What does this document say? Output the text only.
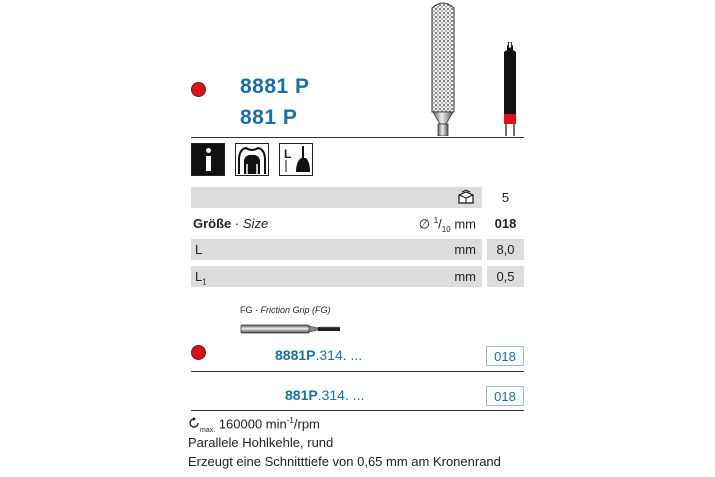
8881 P
881 P
L
5
Größe · Size	∅ $^1/_{10}$ mm	018
L	mm	8,0
$L_1$	mm	0,5
FG · Friction Grip (FG)
8881P.314. ...	018
881P.314. ...	018
$_{max.}$ 160000 $\min^{-1}$/rpm
Parallele Hohlkehle, rund
Erzeugt eine Schnitttiefe von 0,65 mm am Kronenrand
